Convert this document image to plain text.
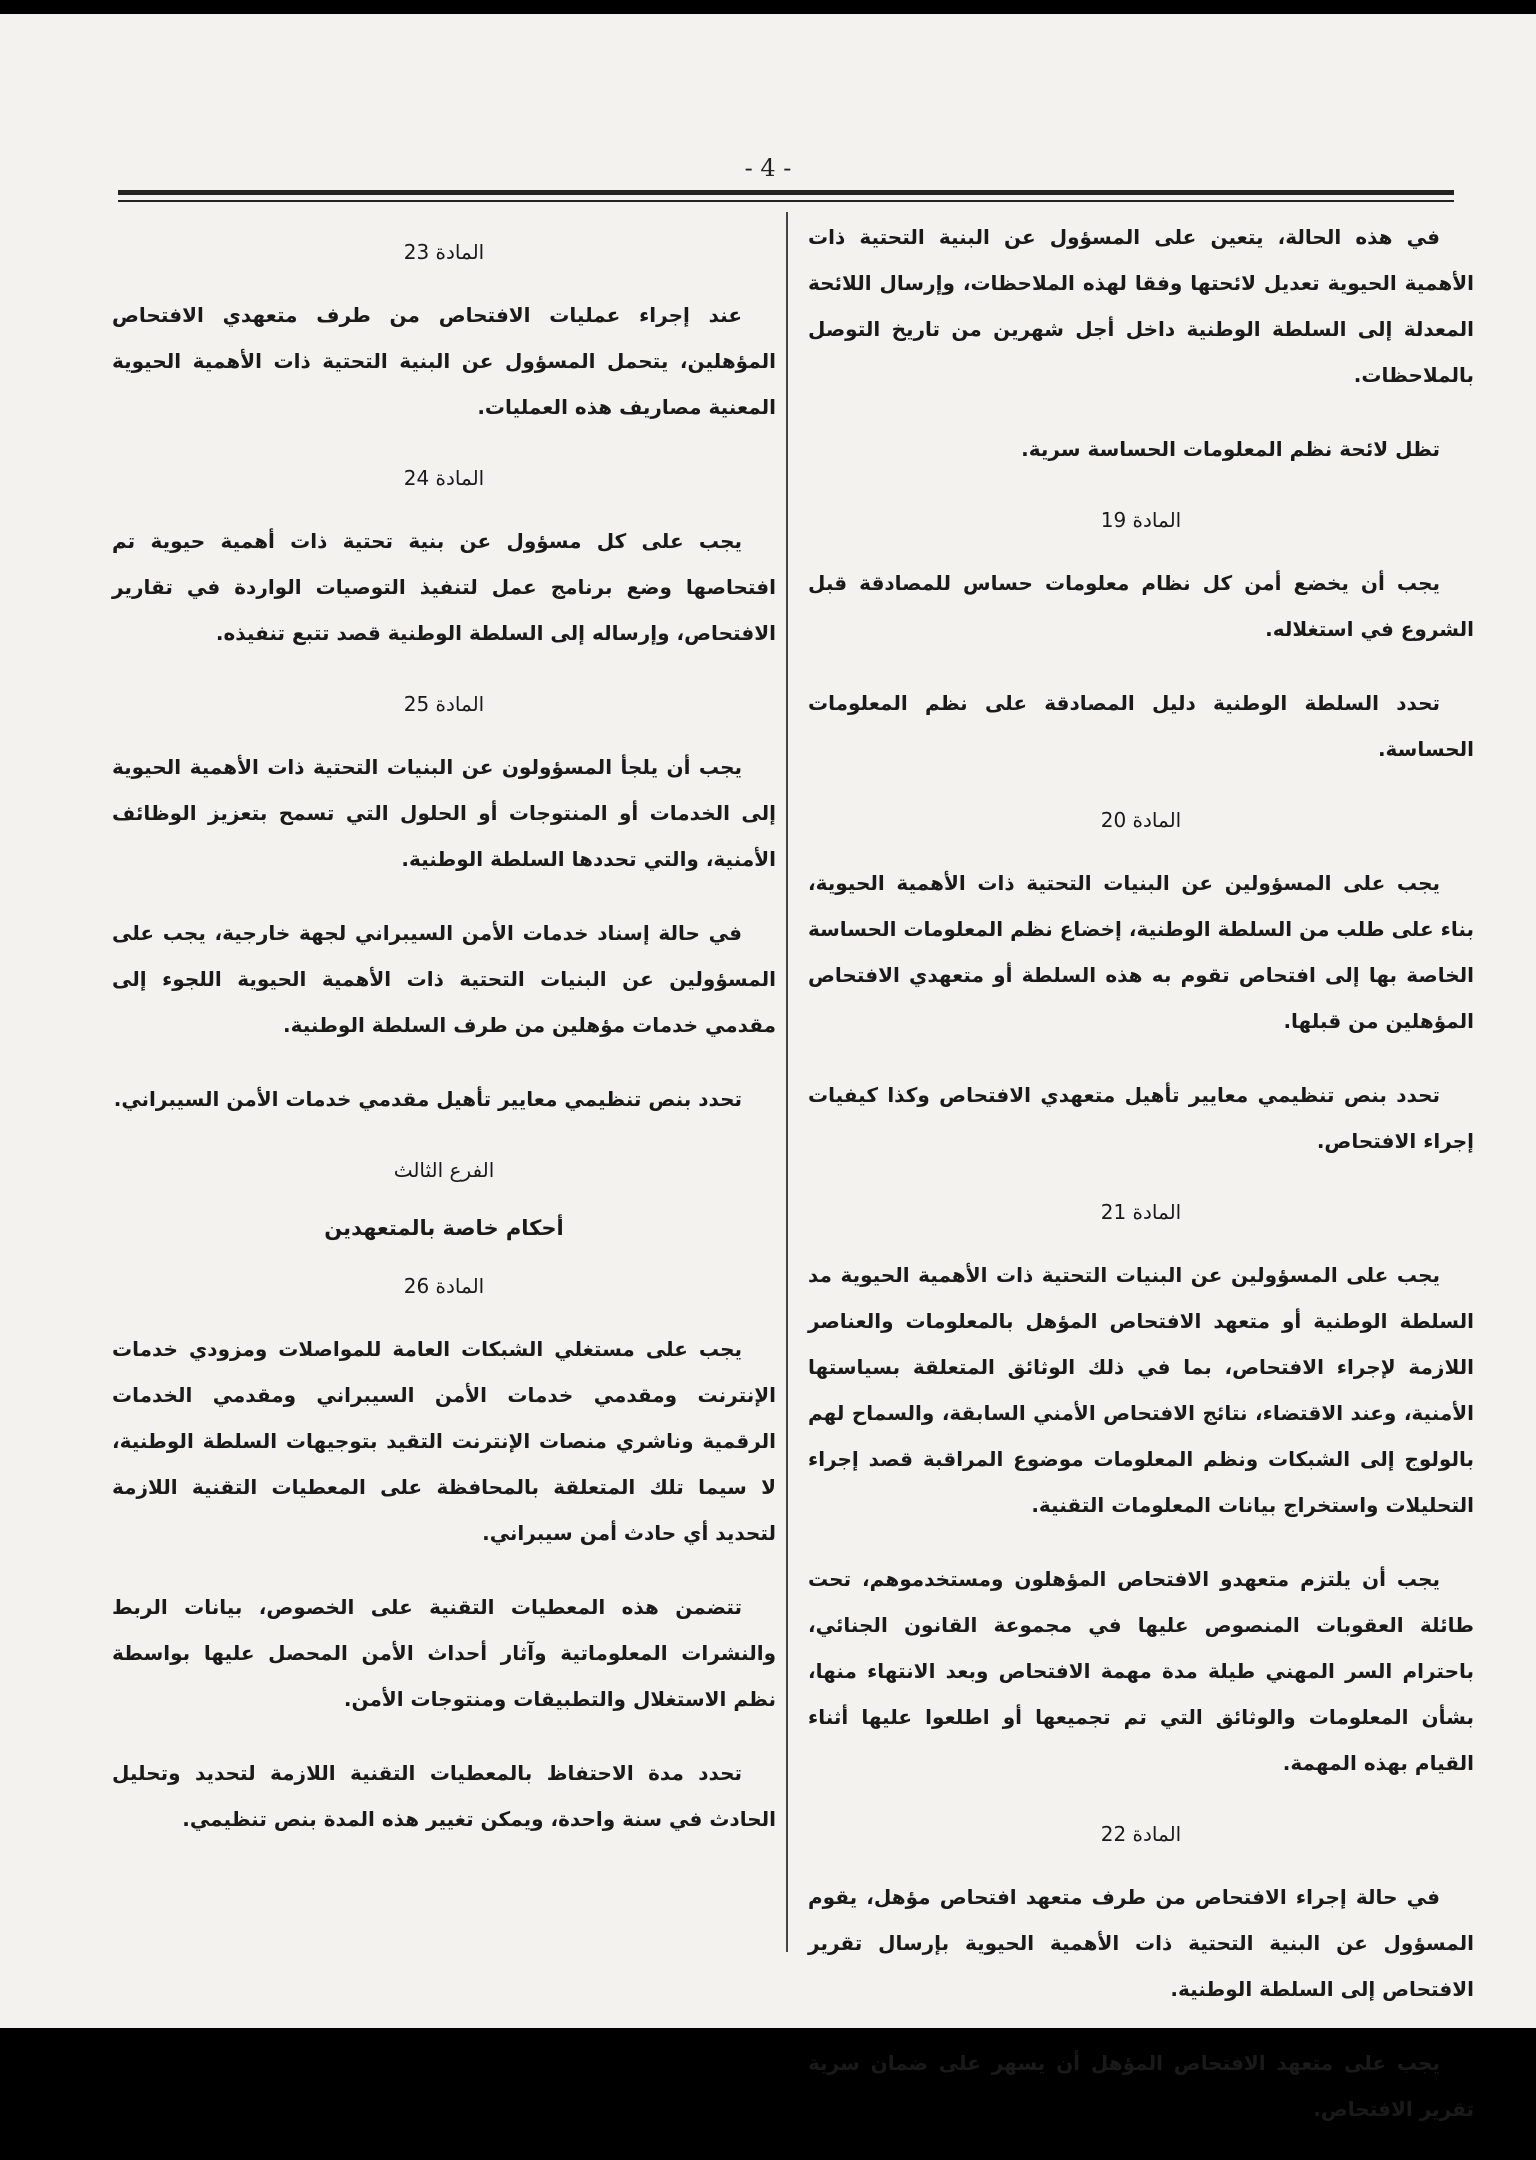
- 4 -
في هذه الحالة، يتعين على المسؤول عن البنية التحتية ذات الأهمية الحيوية تعديل لائحتها وفقا لهذه الملاحظات، وإرسال اللائحة المعدلة إلى السلطة الوطنية داخل أجل شهرين من تاريخ التوصل بالملاحظات.
تظل لائحة نظم المعلومات الحساسة سرية.
المادة 19
يجب أن يخضع أمن كل نظام معلومات حساس للمصادقة قبل الشروع في استغلاله.
تحدد السلطة الوطنية دليل المصادقة على نظم المعلومات الحساسة.
المادة 20
يجب على المسؤولين عن البنيات التحتية ذات الأهمية الحيوية، بناء على طلب من السلطة الوطنية، إخضاع نظم المعلومات الحساسة الخاصة بها إلى افتحاص تقوم به هذه السلطة أو متعهدي الافتحاص المؤهلين من قبلها.
تحدد بنص تنظيمي معايير تأهيل متعهدي الافتحاص وكذا كيفيات إجراء الافتحاص.
المادة 21
يجب على المسؤولين عن البنيات التحتية ذات الأهمية الحيوية مد السلطة الوطنية أو متعهد الافتحاص المؤهل بالمعلومات والعناصر اللازمة لإجراء الافتحاص، بما في ذلك الوثائق المتعلقة بسياستها الأمنية، وعند الاقتضاء، نتائج الافتحاص الأمني السابقة، والسماح لهم بالولوج إلى الشبكات ونظم المعلومات موضوع المراقبة قصد إجراء التحليلات واستخراج بيانات المعلومات التقنية.
يجب أن يلتزم متعهدو الافتحاص المؤهلون ومستخدموهم، تحت طائلة العقوبات المنصوص عليها في مجموعة القانون الجنائي، باحترام السر المهني طيلة مدة مهمة الافتحاص وبعد الانتهاء منها، بشأن المعلومات والوثائق التي تم تجميعها أو اطلعوا عليها أثناء القيام بهذه المهمة.
المادة 22
في حالة إجراء الافتحاص من طرف متعهد افتحاص مؤهل، يقوم المسؤول عن البنية التحتية ذات الأهمية الحيوية بإرسال تقرير الافتحاص إلى السلطة الوطنية.
يجب على متعهد الافتحاص المؤهل أن يسهر على ضمان سرية تقرير الافتحاص.
المادة 23
عند إجراء عمليات الافتحاص من طرف متعهدي الافتحاص المؤهلين، يتحمل المسؤول عن البنية التحتية ذات الأهمية الحيوية المعنية مصاريف هذه العمليات.
المادة 24
يجب على كل مسؤول عن بنية تحتية ذات أهمية حيوية تم افتحاصها وضع برنامج عمل لتنفيذ التوصيات الواردة في تقارير الافتحاص، وإرساله إلى السلطة الوطنية قصد تتبع تنفيذه.
المادة 25
يجب أن يلجأ المسؤولون عن البنيات التحتية ذات الأهمية الحيوية إلى الخدمات أو المنتوجات أو الحلول التي تسمح بتعزيز الوظائف الأمنية، والتي تحددها السلطة الوطنية.
في حالة إسناد خدمات الأمن السيبراني لجهة خارجية، يجب على المسؤولين عن البنيات التحتية ذات الأهمية الحيوية اللجوء إلى مقدمي خدمات مؤهلين من طرف السلطة الوطنية.
تحدد بنص تنظيمي معايير تأهيل مقدمي خدمات الأمن السيبراني.
الفرع الثالث
أحكام خاصة بالمتعهدين
المادة 26
يجب على مستغلي الشبكات العامة للمواصلات ومزودي خدمات الإنترنت ومقدمي خدمات الأمن السيبراني ومقدمي الخدمات الرقمية وناشري منصات الإنترنت التقيد بتوجيهات السلطة الوطنية، لا سيما تلك المتعلقة بالمحافظة على المعطيات التقنية اللازمة لتحديد أي حادث أمن سيبراني.
تتضمن هذه المعطيات التقنية على الخصوص، بيانات الربط والنشرات المعلوماتية وآثار أحداث الأمن المحصل عليها بواسطة نظم الاستغلال والتطبيقات ومنتوجات الأمن.
تحدد مدة الاحتفاظ بالمعطيات التقنية اللازمة لتحديد وتحليل الحادث في سنة واحدة، ويمكن تغيير هذه المدة بنص تنظيمي.
